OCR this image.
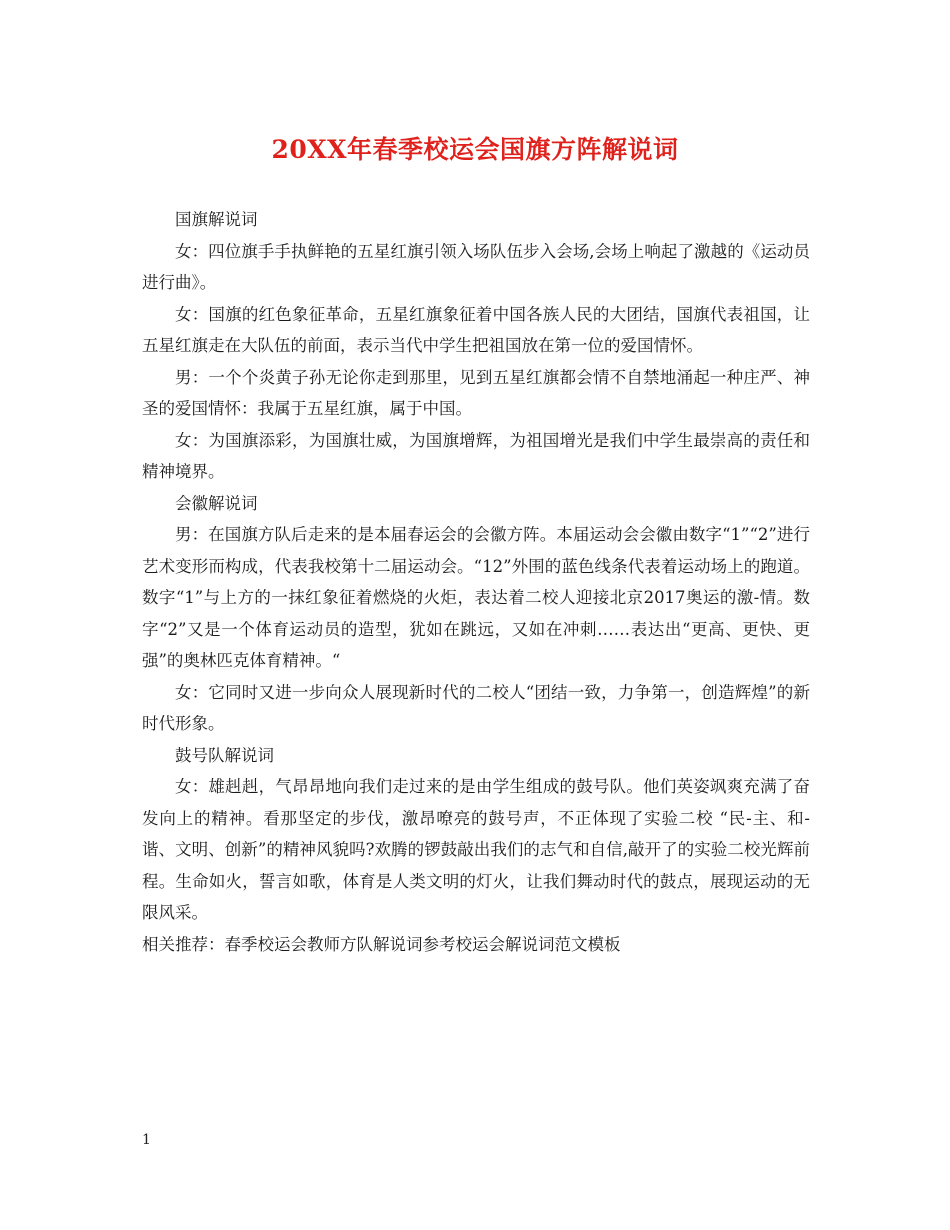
20XX年春季校运会国旗方阵解说词

国旗解说词

女：四位旗手手执鲜艳的五星红旗引领入场队伍步入会场,会场上响起了激越的《运动员进行曲》。

女：国旗的红色象征革命，五星红旗象征着中国各族人民的大团结，国旗代表祖国，让五星红旗走在大队伍的前面，表示当代中学生把祖国放在第一位的爱国情怀。

男：一个个炎黄子孙无论你走到那里，见到五星红旗都会情不自禁地涌起一种庄严、神圣的爱国情怀：我属于五星红旗，属于中国。

女：为国旗添彩，为国旗壮威，为国旗增辉，为祖国增光是我们中学生最崇高的责任和精神境界。

会徽解说词

男：在国旗方队后走来的是本届春运会的会徽方阵。本届运动会会徽由数字“1”“2”进行艺术变形而构成，代表我校第十二届运动会。“12”外围的蓝色线条代表着运动场上的跑道。数字“1”与上方的一抹红象征着燃烧的火炬，表达着二校人迎接北京2017奥运的激-情。数字“2”又是一个体育运动员的造型，犹如在跳远，又如在冲刺……表达出“更高、更快、更强”的奥林匹克体育精神。“

女：它同时又进一步向众人展现新时代的二校人“团结一致，力争第一，创造辉煌”的新时代形象。

鼓号队解说词

女：雄赳赳，气昂昂地向我们走过来的是由学生组成的鼓号队。他们英姿飒爽充满了奋发向上的精神。看那坚定的步伐，激昂嘹亮的鼓号声，不正体现了实验二校 “民-主、和-谐、文明、创新”的精神风貌吗?欢腾的锣鼓敲出我们的志气和自信,敲开了的实验二校光辉前程。生命如火，誓言如歌，体育是人类文明的灯火，让我们舞动时代的鼓点，展现运动的无限风采。

相关推荐：春季校运会教师方队解说词参考校运会解说词范文模板

1
